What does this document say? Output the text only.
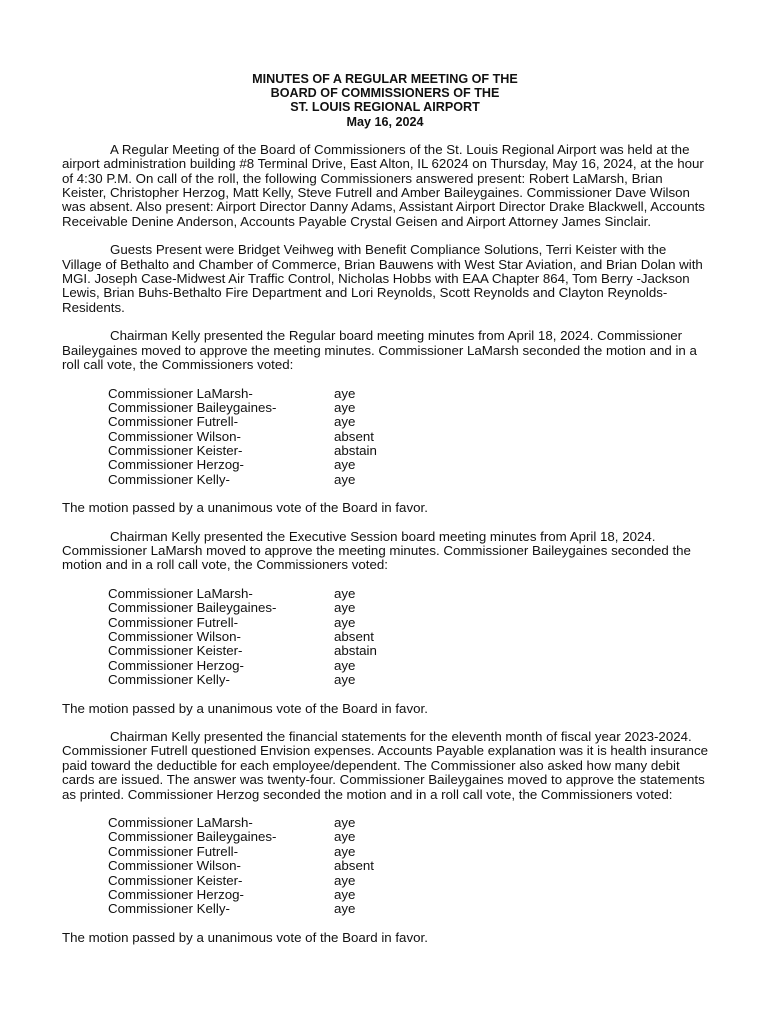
MINUTES OF A REGULAR MEETING OF THE
BOARD OF COMMISSIONERS OF THE
ST. LOUIS REGIONAL AIRPORT
May 16, 2024

A Regular Meeting of the Board of Commissioners of the St. Louis Regional Airport was held at the airport administration building #8 Terminal Drive, East Alton, IL 62024 on Thursday, May 16, 2024, at the hour of 4:30 P.M. On call of the roll, the following Commissioners answered present: Robert LaMarsh, Brian Keister, Christopher Herzog, Matt Kelly, Steve Futrell and Amber Baileygaines. Commissioner Dave Wilson was absent. Also present: Airport Director Danny Adams, Assistant Airport Director Drake Blackwell, Accounts Receivable Denine Anderson, Accounts Payable Crystal Geisen and Airport Attorney James Sinclair.

Guests Present were Bridget Veihweg with Benefit Compliance Solutions, Terri Keister with the Village of Bethalto and Chamber of Commerce, Brian Bauwens with West Star Aviation, and Brian Dolan with MGI. Joseph Case-Midwest Air Traffic Control, Nicholas Hobbs with EAA Chapter 864, Tom Berry -Jackson Lewis, Brian Buhs-Bethalto Fire Department and Lori Reynolds, Scott Reynolds and Clayton Reynolds-Residents.

Chairman Kelly presented the Regular board meeting minutes from April 18, 2024. Commissioner Baileygaines moved to approve the meeting minutes. Commissioner LaMarsh seconded the motion and in a roll call vote, the Commissioners voted:

Commissioner LaMarsh-	aye
Commissioner Baileygaines-	aye
Commissioner Futrell-	aye
Commissioner Wilson-	absent
Commissioner Keister-	abstain
Commissioner Herzog-	aye
Commissioner Kelly-	aye

The motion passed by a unanimous vote of the Board in favor.

Chairman Kelly presented the Executive Session board meeting minutes from April 18, 2024. Commissioner LaMarsh moved to approve the meeting minutes. Commissioner Baileygaines seconded the motion and in a roll call vote, the Commissioners voted:

Commissioner LaMarsh-	aye
Commissioner Baileygaines-	aye
Commissioner Futrell-	aye
Commissioner Wilson-	absent
Commissioner Keister-	abstain
Commissioner Herzog-	aye
Commissioner Kelly-	aye

The motion passed by a unanimous vote of the Board in favor.

Chairman Kelly presented the financial statements for the eleventh month of fiscal year 2023-2024. Commissioner Futrell questioned Envision expenses. Accounts Payable explanation was it is health insurance paid toward the deductible for each employee/dependent. The Commissioner also asked how many debit cards are issued. The answer was twenty-four. Commissioner Baileygaines moved to approve the statements as printed. Commissioner Herzog seconded the motion and in a roll call vote, the Commissioners voted:

Commissioner LaMarsh-	aye
Commissioner Baileygaines-	aye
Commissioner Futrell-	aye
Commissioner Wilson-	absent
Commissioner Keister-	aye
Commissioner Herzog-	aye
Commissioner Kelly-	aye

The motion passed by a unanimous vote of the Board in favor.
